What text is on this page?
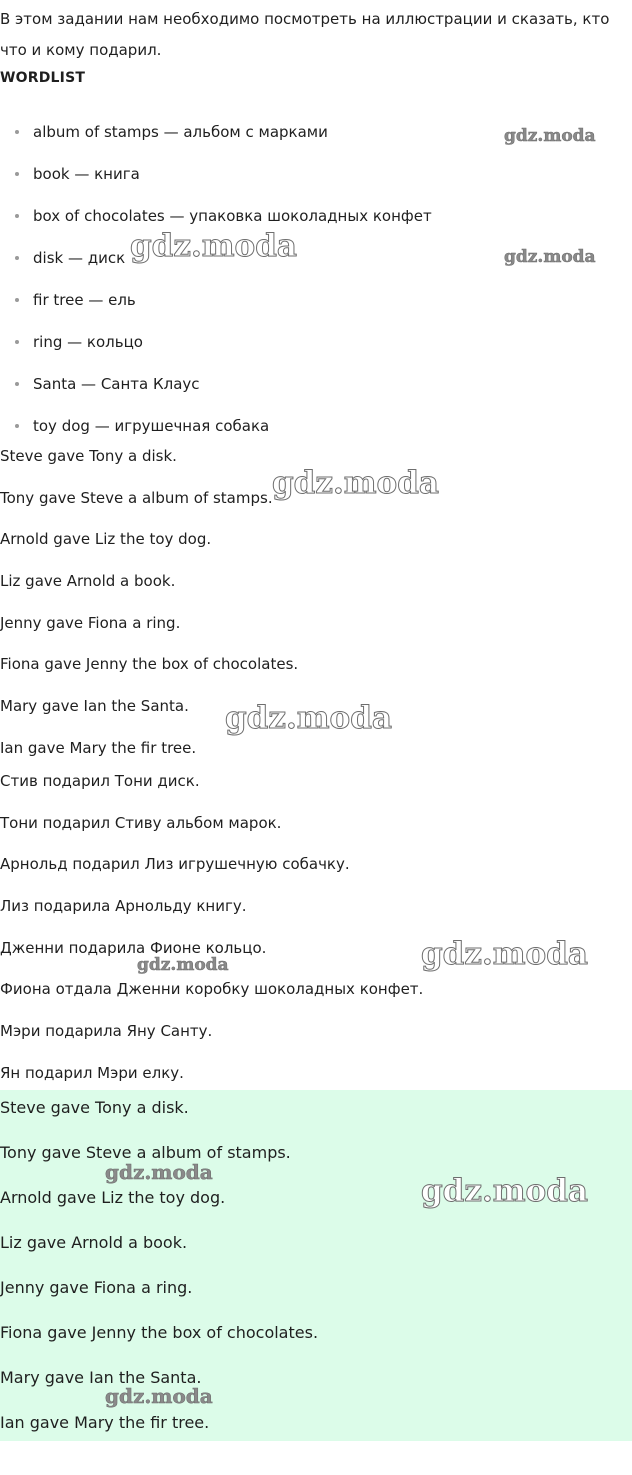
В этом задании нам необходимо посмотреть на иллюстрации и сказать, кто что и кому подарил.

WORDLIST
album of stamps — альбом с марками
book — книга
box of chocolates — упаковка шоколадных конфет
disk — диск
fir tree — ель
ring — кольцо
Santa — Санта Клаус
toy dog — игрушечная собака
Steve gave Tony a disk.
Tony gave Steve a album of stamps.
Arnold gave Liz the toy dog.
Liz gave Arnold a book.
Jenny gave Fiona a ring.
Fiona gave Jenny the box of chocolates.
Mary gave Ian the Santa.
Ian gave Mary the fir tree.
Стив подарил Тони диск.
Тони подарил Стиву альбом марок.
Арнольд подарил Лиз игрушечную собачку.
Лиз подарила Арнольду книгу.
Дженни подарила Фионе кольцо.
Фиона отдала Дженни коробку шоколадных конфет.
Мэри подарила Яну Санту.
Ян подарил Мэри елку.
Steve gave Tony a disk.
Tony gave Steve a album of stamps.
Arnold gave Liz the toy dog.
Liz gave Arnold a book.
Jenny gave Fiona a ring.
Fiona gave Jenny the box of chocolates.
Mary gave Ian the Santa.
Ian gave Mary the fir tree.
gdz.moda
gdz.moda
gdz.moda
gdz.moda
gdz.moda
gdz.moda
gdz.moda
gdz.moda
gdz.moda
gdz.moda
